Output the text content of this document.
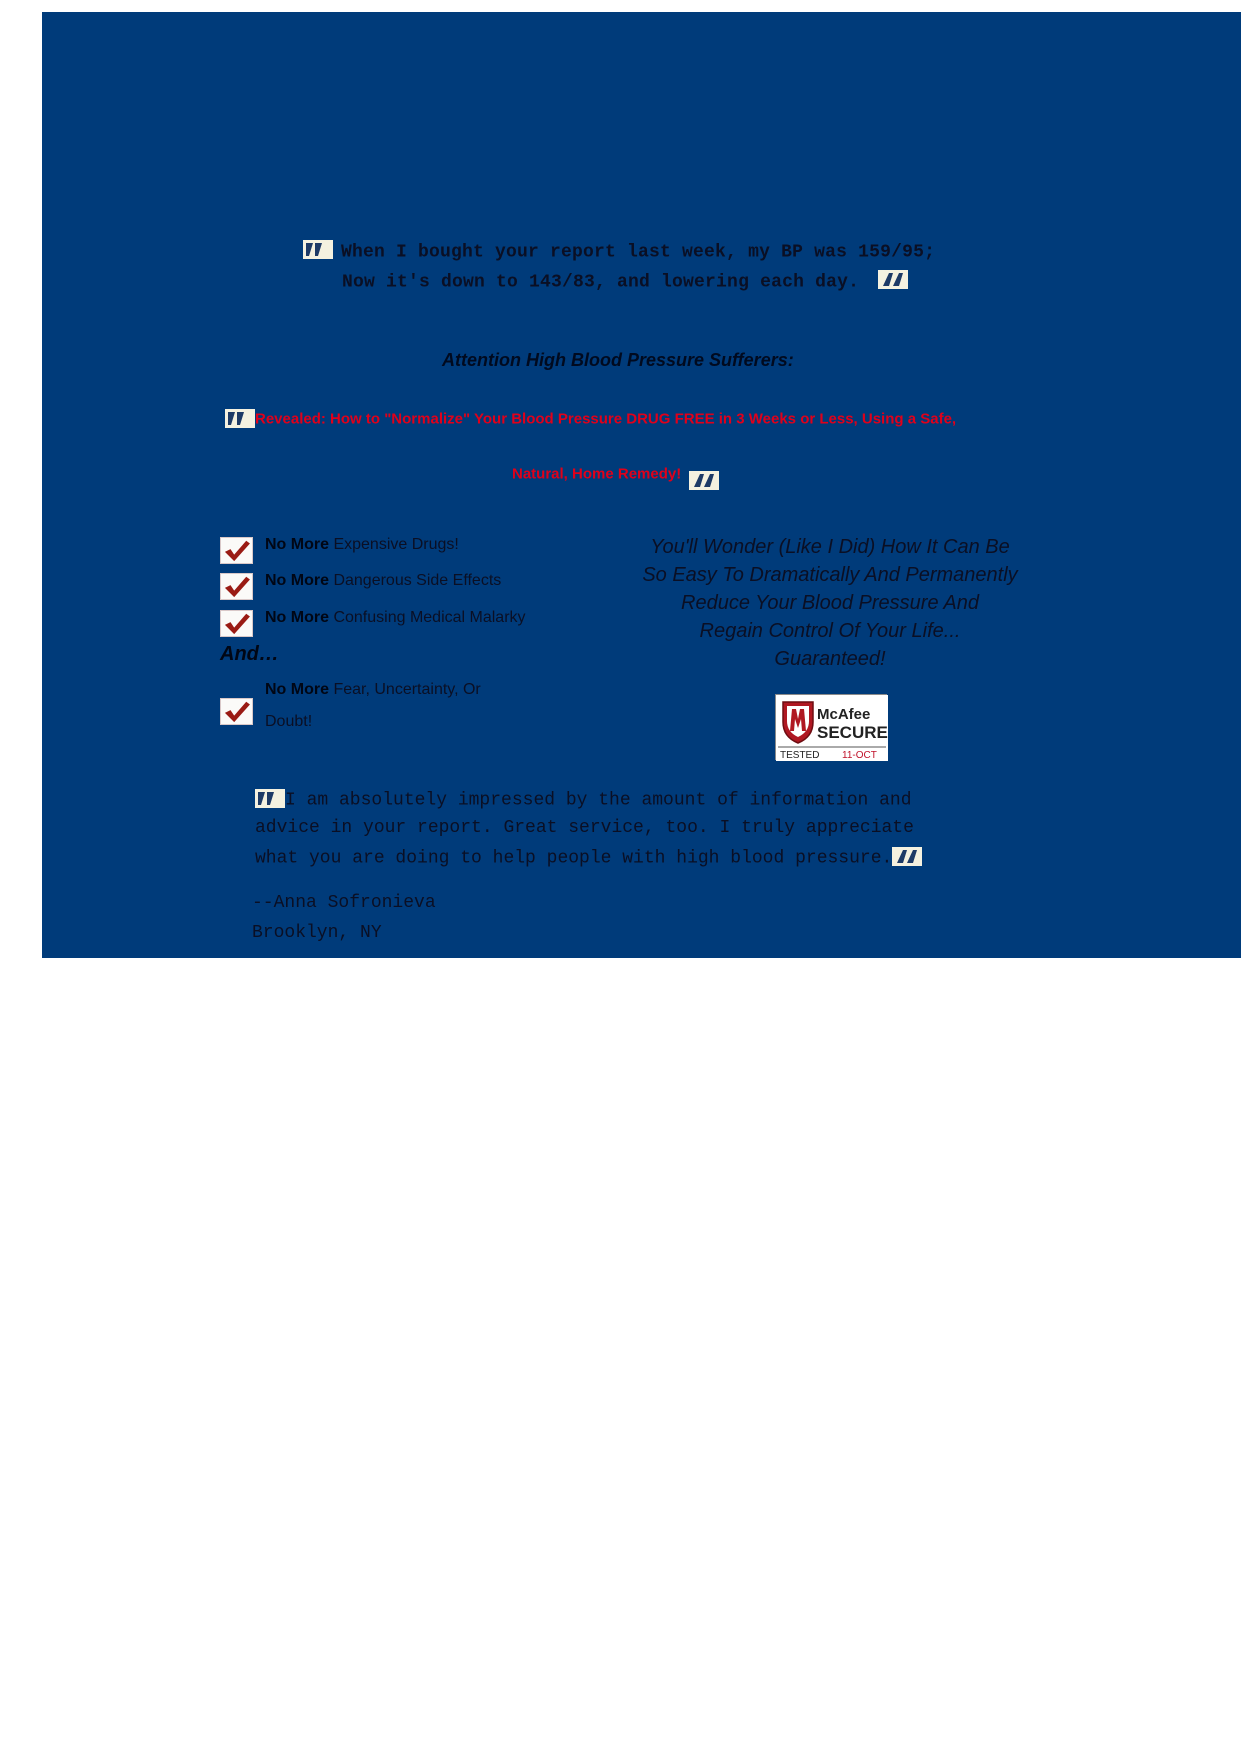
When I bought your report last week, my BP was 159/95;
Now it's down to 143/83, and lowering each day.
Attention High Blood Pressure Sufferers:
Revealed: How to "Normalize" Your Blood Pressure DRUG FREE in 3 Weeks or Less, Using a Safe,
Natural, Home Remedy!
No More Expensive Drugs!
No More Dangerous Side Effects
No More Confusing Medical Malarky
And…
No More Fear, Uncertainty, Or
Doubt!
You'll Wonder (Like I Did) How It Can Be
So Easy To Dramatically And Permanently
Reduce Your Blood Pressure And
Regain Control Of Your Life...
Guaranteed!
McAfee
SECURE
TESTED 11-OCT
I am absolutely impressed by the amount of information and
advice in your report. Great service, too. I truly appreciate
what you are doing to help people with high blood pressure.
--Anna Sofronieva
Brooklyn, NY
